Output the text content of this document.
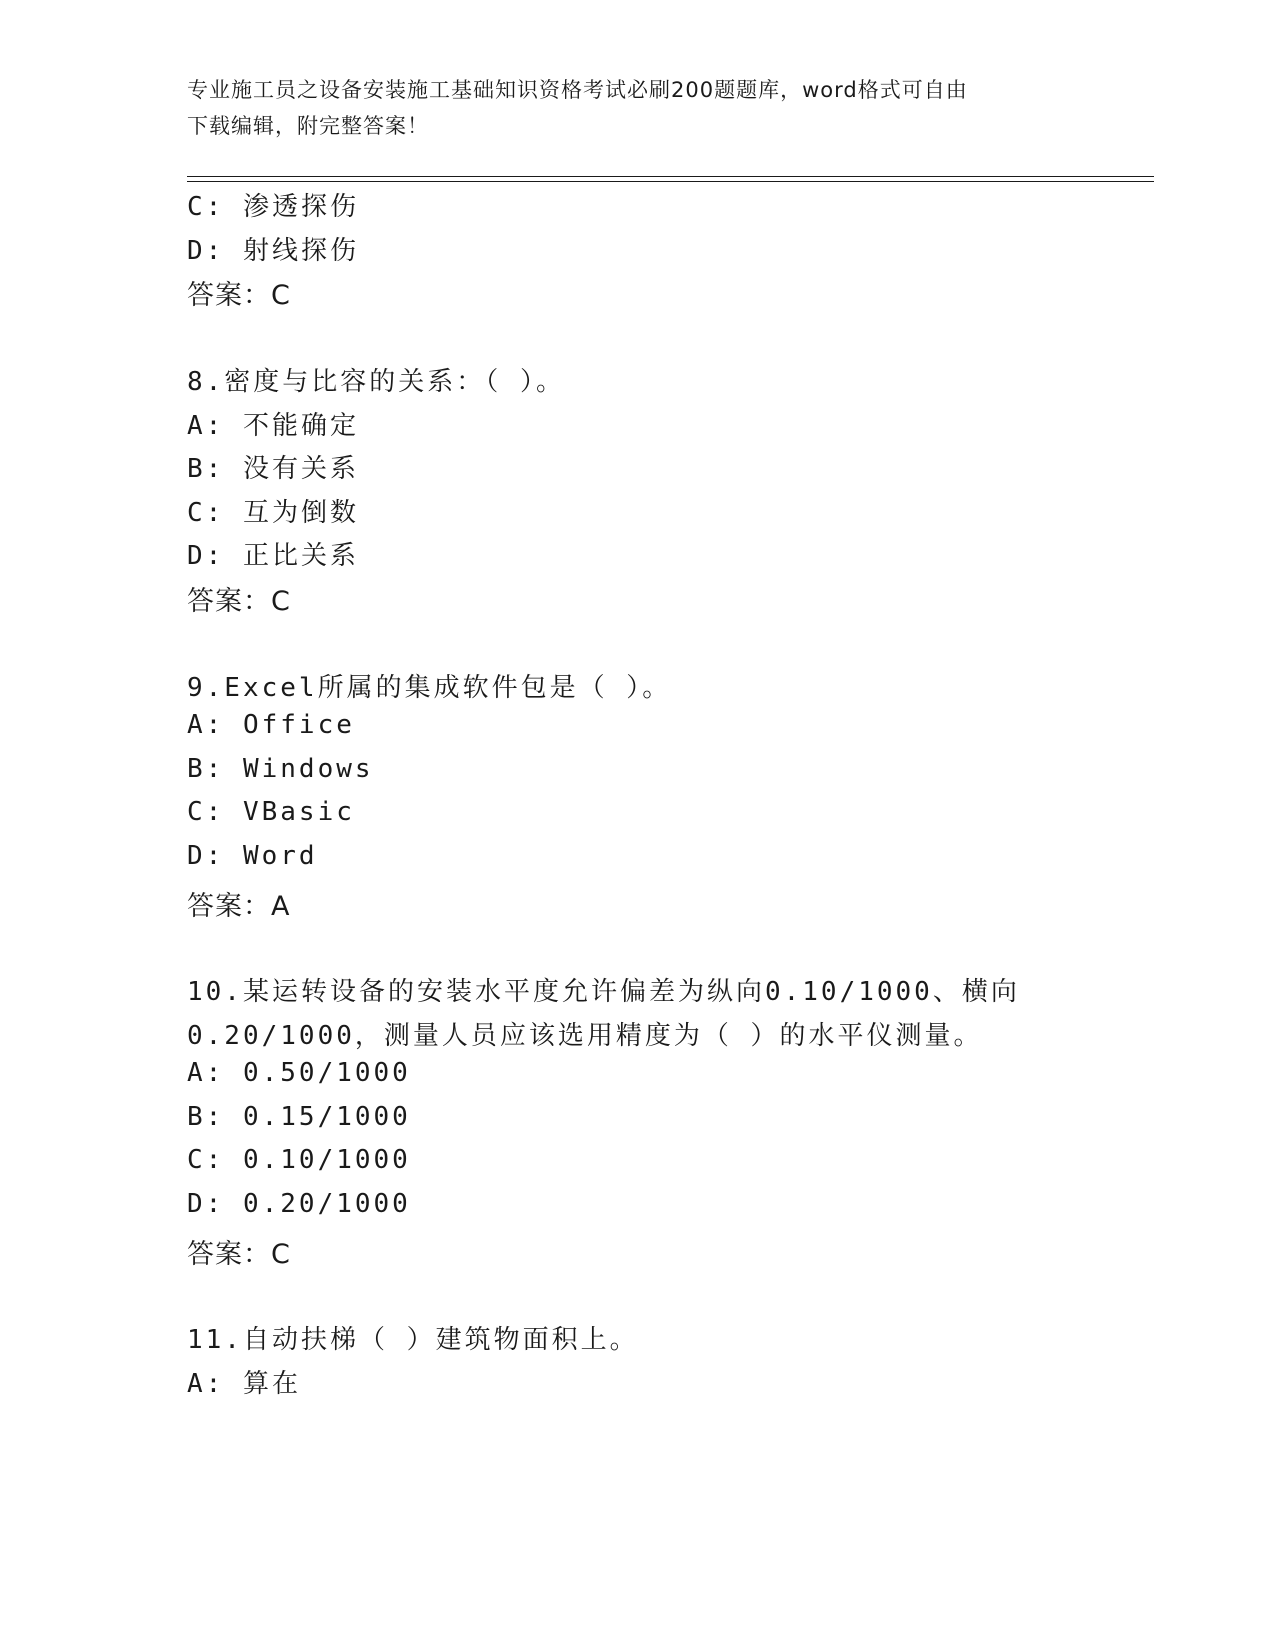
专业施工员之设备安装施工基础知识资格考试必刷200题题库，word格式可自由
下载编辑，附完整答案！
C: 渗透探伤
D: 射线探伤
答案：C
8.密度与比容的关系：（ ）。
A: 不能确定
B: 没有关系
C: 互为倒数
D: 正比关系
答案：C
9.Excel所属的集成软件包是（ ）。
A: Office
B: Windows
C: VBasic
D: Word
答案：A
10.某运转设备的安装水平度允许偏差为纵向0.10/1000、横向
0.20/1000，测量人员应该选用精度为（ ）的水平仪测量。
A: 0.50/1000
B: 0.15/1000
C: 0.10/1000
D: 0.20/1000
答案：C
11.自动扶梯（ ）建筑物面积上。
A: 算在
